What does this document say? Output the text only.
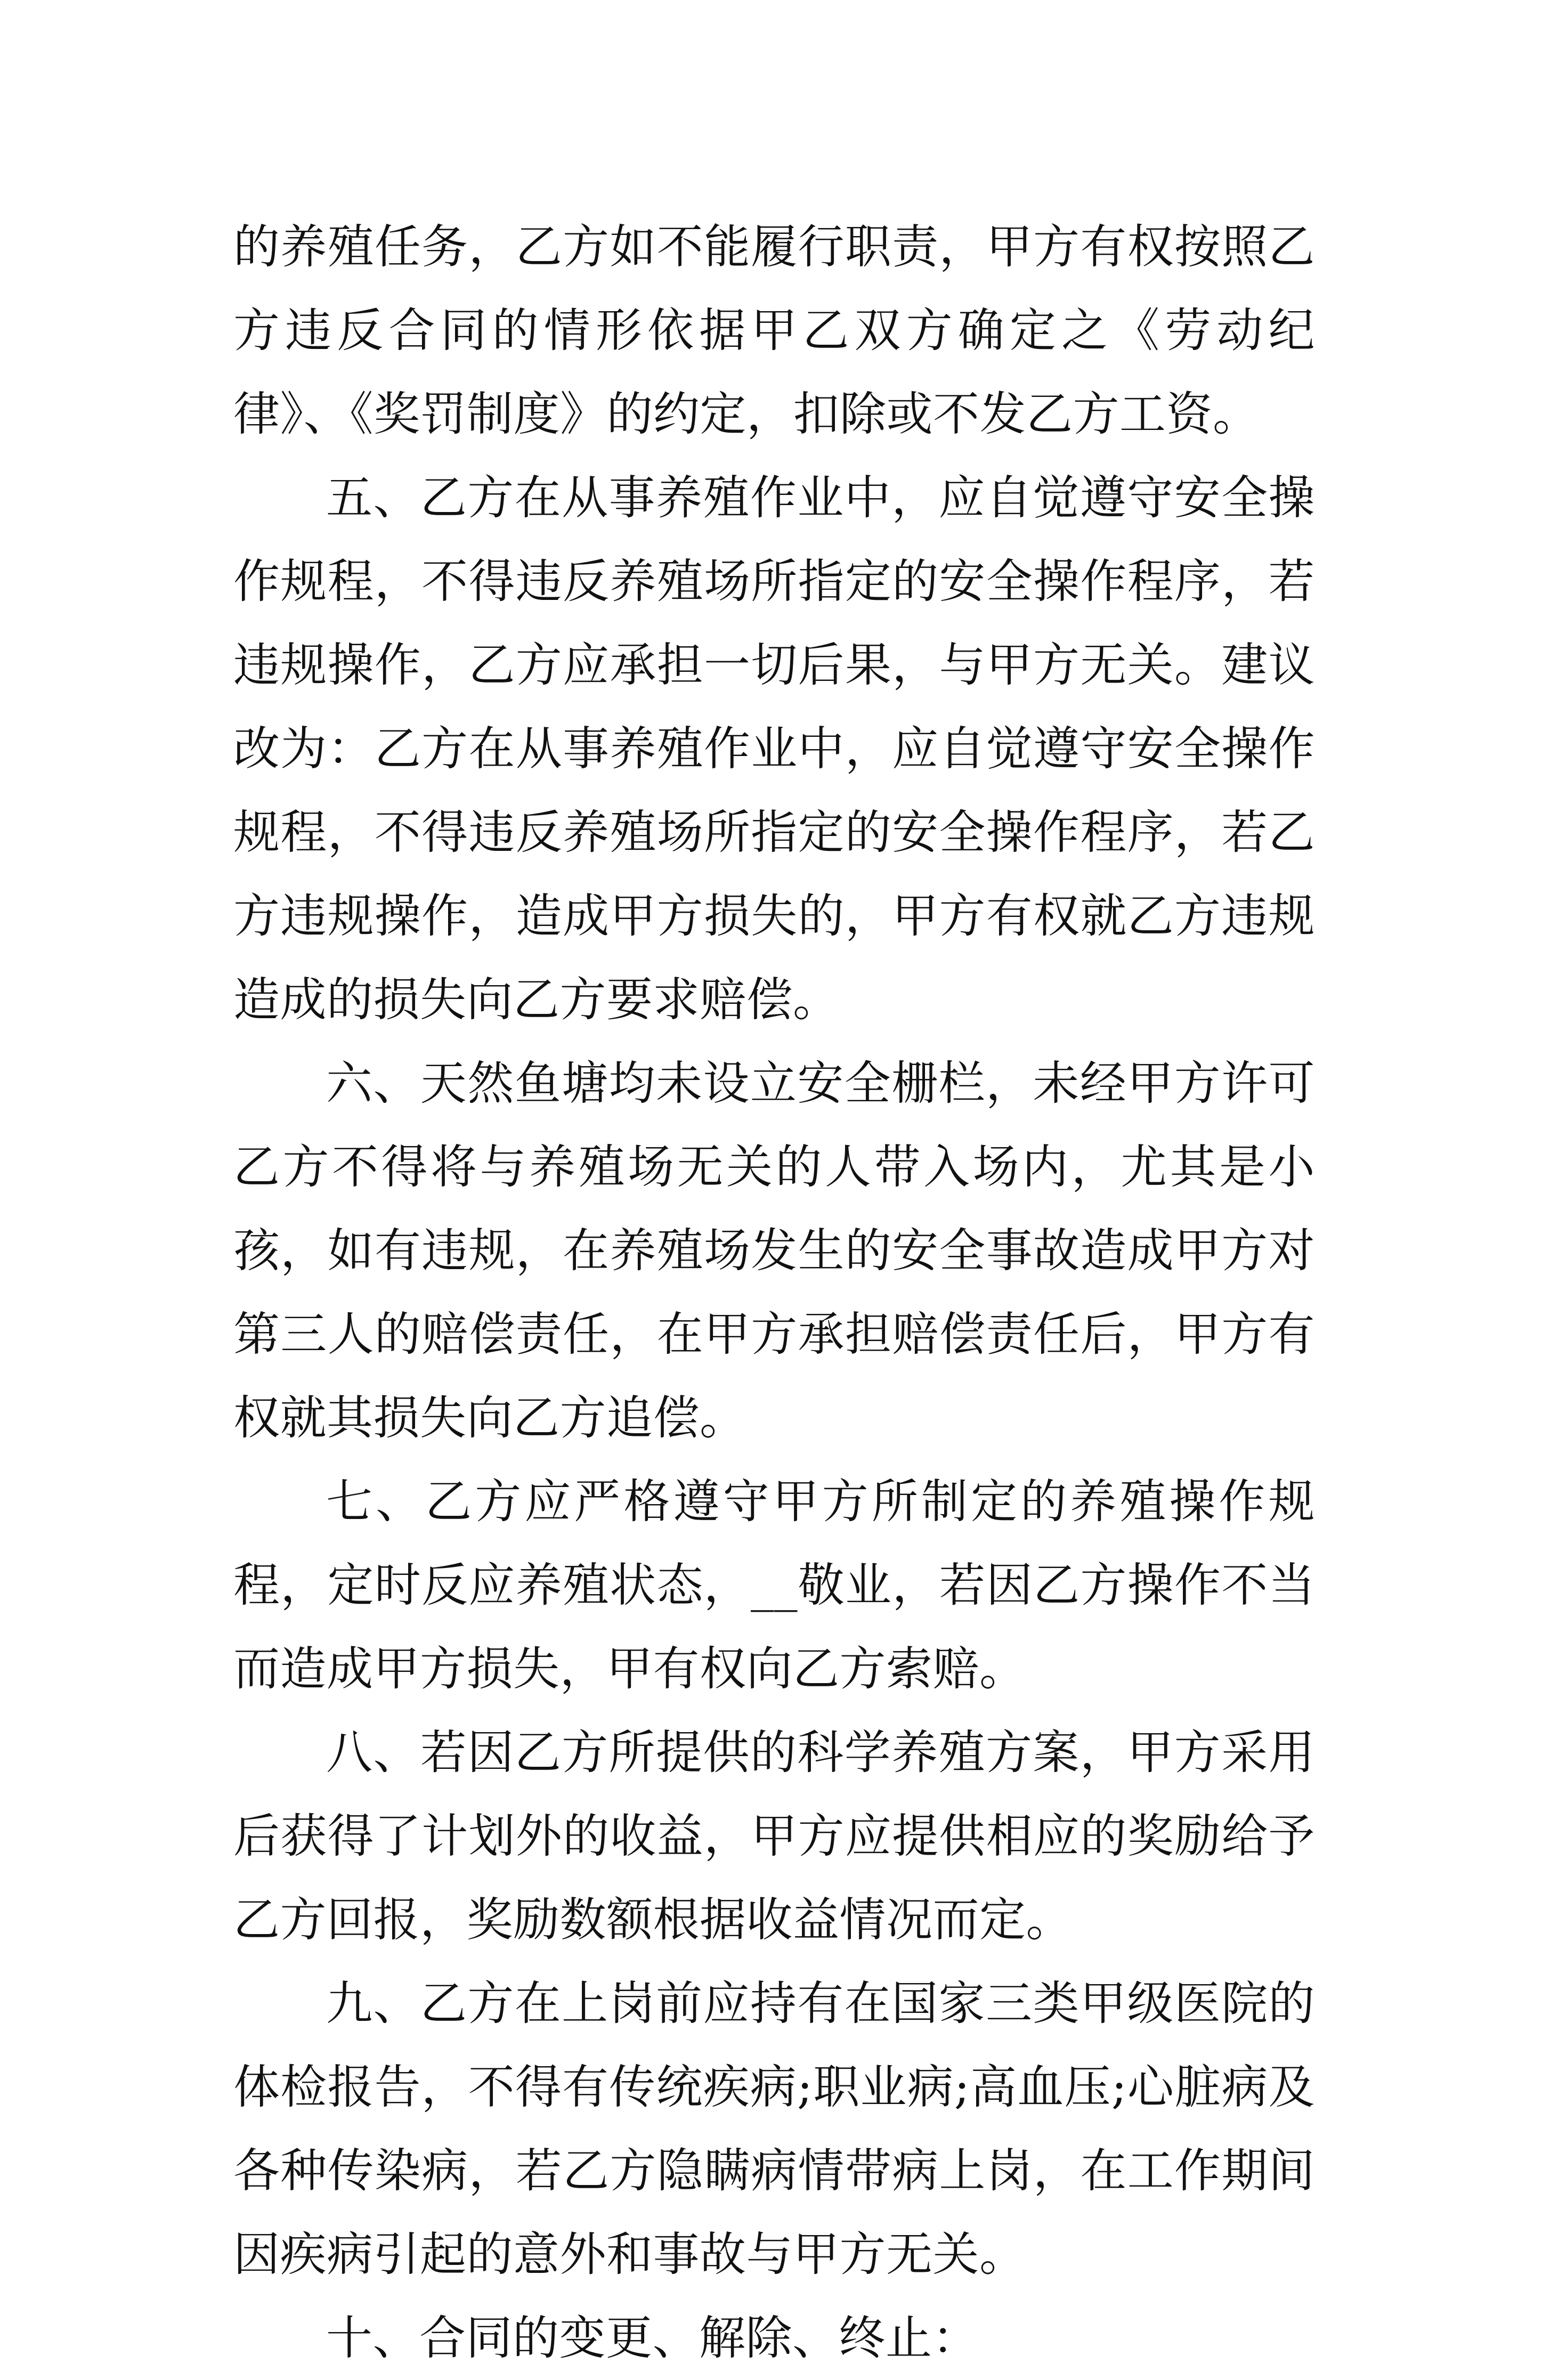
的养殖任务，乙方如不能履行职责，甲方有权按照乙方违反合同的情形依据甲乙双方确定之《劳动纪律》、《奖罚制度》的约定，扣除或不发乙方工资。

五、乙方在从事养殖作业中，应自觉遵守安全操作规程，不得违反养殖场所指定的安全操作程序，若违规操作，乙方应承担一切后果，与甲方无关。建议改为：乙方在从事养殖作业中，应自觉遵守安全操作规程，不得违反养殖场所指定的安全操作程序，若乙方违规操作，造成甲方损失的，甲方有权就乙方违规造成的损失向乙方要求赔偿。

六、天然鱼塘均未设立安全栅栏，未经甲方许可乙方不得将与养殖场无关的人带入场内，尤其是小孩，如有违规，在养殖场发生的安全事故造成甲方对第三人的赔偿责任，在甲方承担赔偿责任后，甲方有权就其损失向乙方追偿。

七、乙方应严格遵守甲方所制定的养殖操作规程，定时反应养殖状态，__敬业，若因乙方操作不当而造成甲方损失，甲有权向乙方索赔。

八、若因乙方所提供的科学养殖方案，甲方采用后获得了计划外的收益，甲方应提供相应的奖励给予乙方回报，奖励数额根据收益情况而定。

九、乙方在上岗前应持有在国家三类甲级医院的体检报告，不得有传统疾病;职业病;高血压;心脏病及各种传染病，若乙方隐瞒病情带病上岗，在工作期间因疾病引起的意外和事故与甲方无关。

十、合同的变更、解除、终止：
